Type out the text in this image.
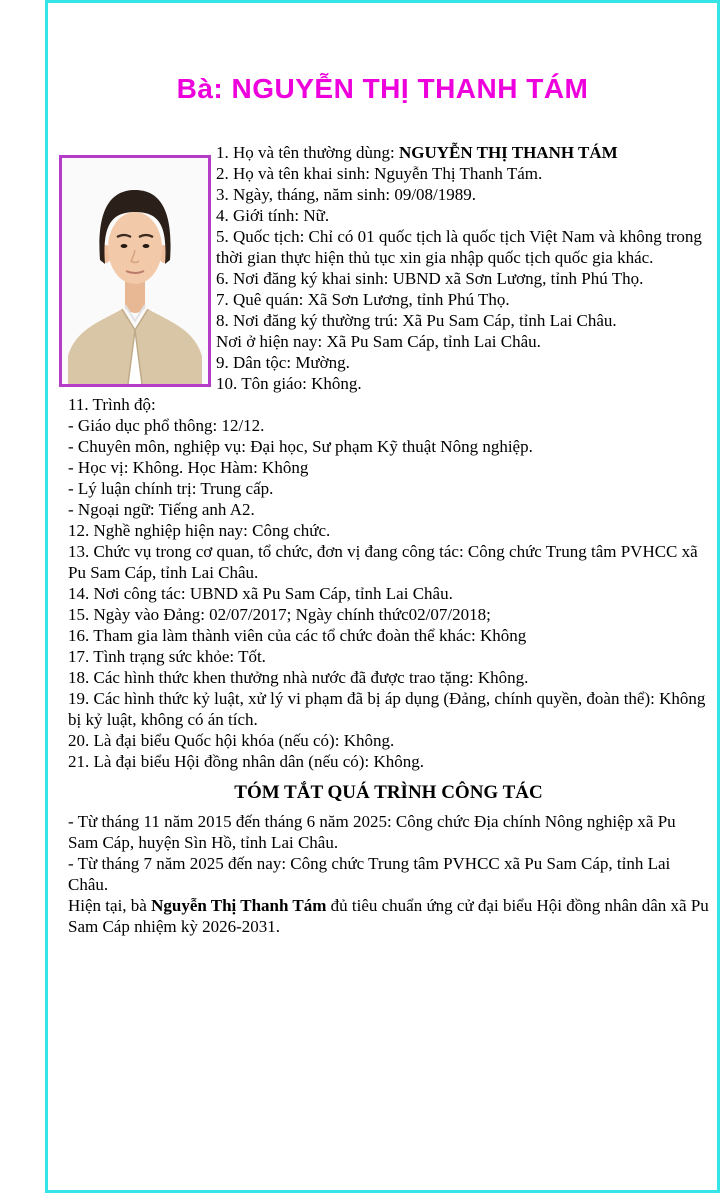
Bà: NGUYỄN THỊ THANH TÁM

1. Họ và tên thường dùng: NGUYỄN THỊ THANH TÁM

2. Họ và tên khai sinh: Nguyễn Thị Thanh Tám.

3. Ngày, tháng, năm sinh: 09/08/1989.

4. Giới tính: Nữ.

5. Quốc tịch: Chỉ có 01 quốc tịch là quốc tịch Việt Nam và không trong thời gian thực hiện thủ tục xin gia nhập quốc tịch quốc gia khác.

6. Nơi đăng ký khai sinh: UBND xã Sơn Lương, tỉnh Phú Thọ.

7. Quê quán: Xã Sơn Lương, tỉnh Phú Thọ.

8. Nơi đăng ký thường trú: Xã Pu Sam Cáp, tỉnh Lai Châu.

Nơi ở hiện nay: Xã Pu Sam Cáp, tỉnh Lai Châu.

9. Dân tộc: Mường.

10. Tôn giáo: Không.

11. Trình độ:

- Giáo dục phổ thông: 12/12.

- Chuyên môn, nghiệp vụ: Đại học, Sư phạm Kỹ thuật Nông nghiệp.

- Học vị: Không. Học Hàm: Không

- Lý luận chính trị: Trung cấp.

- Ngoại ngữ: Tiếng anh A2.

12. Nghề nghiệp hiện nay: Công chức.

13. Chức vụ trong cơ quan, tổ chức, đơn vị đang công tác: Công chức Trung tâm PVHCC xã Pu Sam Cáp, tỉnh Lai Châu.

14. Nơi công tác: UBND xã Pu Sam Cáp, tỉnh Lai Châu.

15. Ngày vào Đảng: 02/07/2017; Ngày chính thức02/07/2018;

16. Tham gia làm thành viên của các tổ chức đoàn thể khác: Không

17. Tình trạng sức khỏe: Tốt.

18. Các hình thức khen thưởng nhà nước đã được trao tặng: Không.

19. Các hình thức kỷ luật, xử lý vi phạm đã bị áp dụng (Đảng, chính quyền, đoàn thể): Không bị kỷ luật, không có án tích.

20. Là đại biểu Quốc hội khóa (nếu có): Không.

21. Là đại biểu Hội đồng nhân dân (nếu có): Không.

TÓM TẮT QUÁ TRÌNH CÔNG TÁC

- Từ tháng 11 năm 2015 đến tháng 6 năm 2025: Công chức Địa chính Nông nghiệp xã Pu Sam Cáp, huyện Sìn Hồ, tỉnh Lai Châu.

- Từ tháng 7 năm 2025 đến nay: Công chức Trung tâm PVHCC xã Pu Sam Cáp, tỉnh Lai Châu.

Hiện tại, bà Nguyễn Thị Thanh Tám đủ tiêu chuẩn ứng cử đại biểu Hội đồng nhân dân xã Pu Sam Cáp nhiệm kỳ 2026-2031.
